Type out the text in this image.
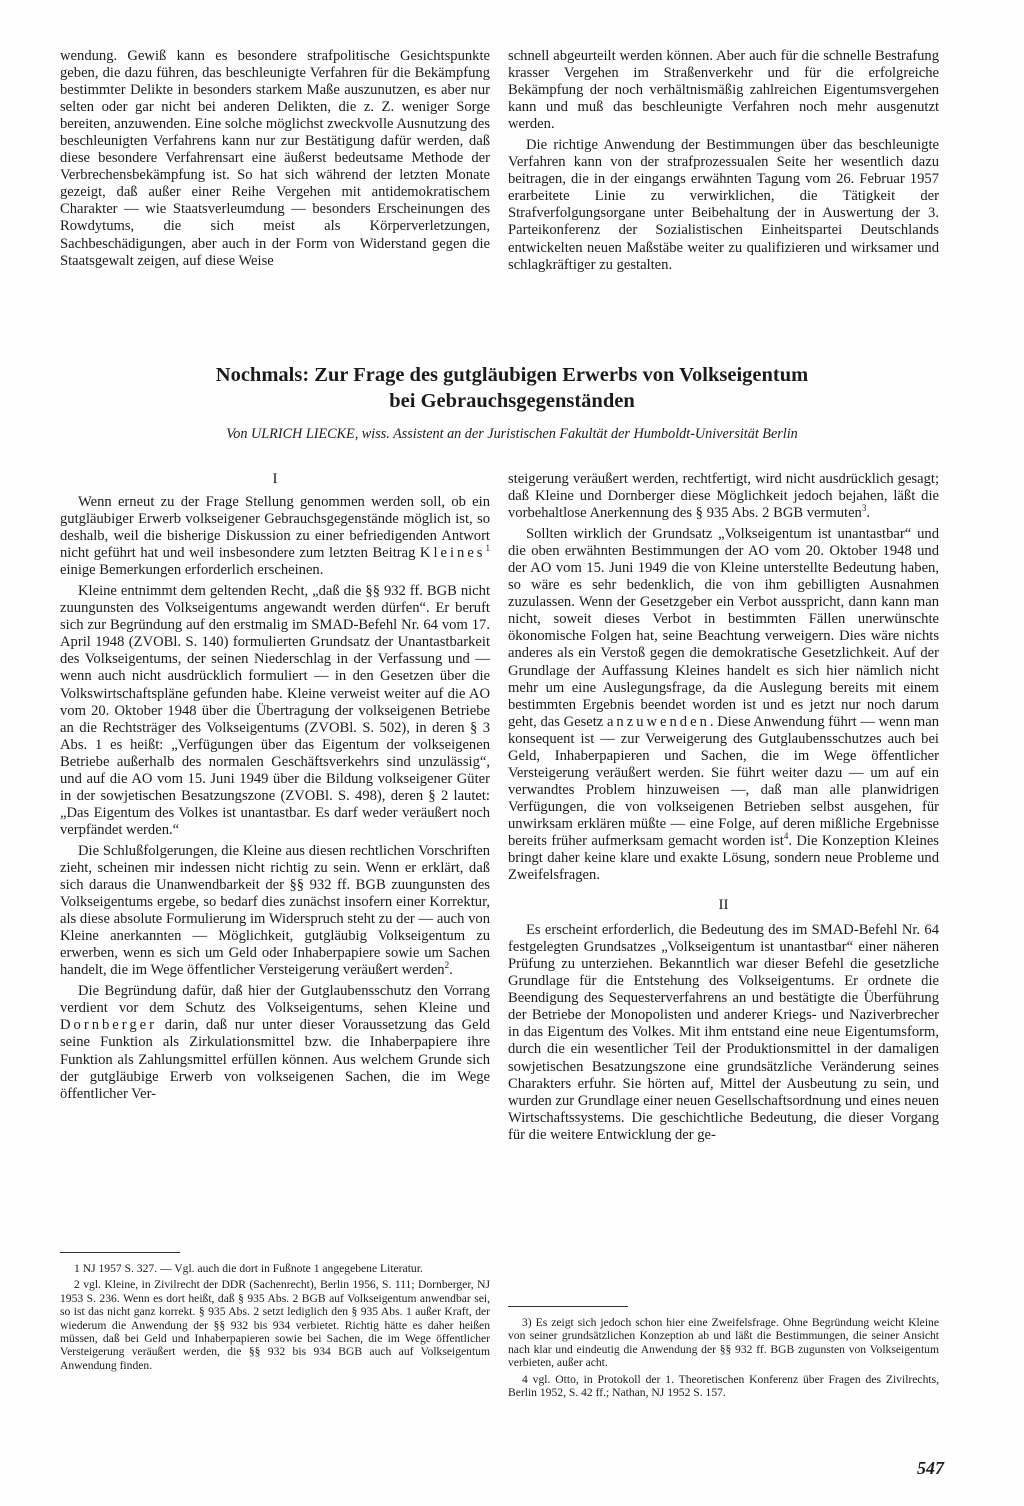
wendung. Gewiß kann es besondere strafpolitische Gesichtspunkte geben, die dazu führen, das beschleunigte Verfahren für die Bekämpfung bestimmter Delikte in besonders starkem Maße auszunutzen, es aber nur selten oder gar nicht bei anderen Delikten, die z. Z. weniger Sorge bereiten, anzuwenden. Eine solche möglichst zweckvolle Ausnutzung des beschleunigten Verfahrens kann nur zur Bestätigung dafür werden, daß diese besondere Verfahrensart eine äußerst bedeutsame Methode der Verbrechensbekämpfung ist. So hat sich während der letzten Monate gezeigt, daß außer einer Reihe Vergehen mit antidemokratischem Charakter — wie Staatsverleumdung — besonders Erscheinungen des Rowdytums, die sich meist als Körperverletzungen, Sachbeschädigungen, aber auch in der Form von Widerstand gegen die Staatsgewalt zeigen, auf diese Weise

schnell abgeurteilt werden können. Aber auch für die schnelle Bestrafung krasser Vergehen im Straßenverkehr und für die erfolgreiche Bekämpfung der noch verhältnismäßig zahlreichen Eigentumsvergehen kann und muß das beschleunigte Verfahren noch mehr ausgenutzt werden.

Die richtige Anwendung der Bestimmungen über das beschleunigte Verfahren kann von der strafprozessualen Seite her wesentlich dazu beitragen, die in der eingangs erwähnten Tagung vom 26. Februar 1957 erarbeitete Linie zu verwirklichen, die Tätigkeit der Strafverfolgungsorgane unter Beibehaltung der in Auswertung der 3. Parteikonferenz der Sozialistischen Einheitspartei Deutschlands entwickelten neuen Maßstäbe weiter zu qualifizieren und wirksamer und schlagkräftiger zu gestalten.

Nochmals: Zur Frage des gutgläubigen Erwerbs von Volkseigentum
bei Gebrauchsgegenständen
Von ULRICH LIECKE, wiss. Assistent an der Juristischen Fakultät der Humboldt-Universität Berlin

I

Wenn erneut zu der Frage Stellung genommen werden soll, ob ein gutgläubiger Erwerb volkseigener Gebrauchsgegenstände möglich ist, so deshalb, weil die bisherige Diskussion zu einer befriedigenden Antwort nicht geführt hat und weil insbesondere zum letzten Beitrag Kleines$^1$ einige Bemerkungen erforderlich erscheinen.

Kleine entnimmt dem geltenden Recht, „daß die §§ 932 ff. BGB nicht zuungunsten des Volkseigentums angewandt werden dürfen“. Er beruft sich zur Begründung auf den erstmalig im SMAD-Befehl Nr. 64 vom 17. April 1948 (ZVOBl. S. 140) formulierten Grundsatz der Unantastbarkeit des Volkseigentums, der seinen Niederschlag in der Verfassung und — wenn auch nicht ausdrücklich formuliert — in den Gesetzen über die Volkswirtschaftspläne gefunden habe. Kleine verweist weiter auf die AO vom 20. Oktober 1948 über die Übertragung der volkseigenen Betriebe an die Rechtsträger des Volkseigentums (ZVOBl. S. 502), in deren § 3 Abs. 1 es heißt: „Verfügungen über das Eigentum der volkseigenen Betriebe außerhalb des normalen Geschäftsverkehrs sind unzulässig“, und auf die AO vom 15. Juni 1949 über die Bildung volkseigener Güter in der sowjetischen Besatzungszone (ZVOBl. S. 498), deren § 2 lautet: „Das Eigentum des Volkes ist unantastbar. Es darf weder veräußert noch verpfändet werden.“

Die Schlußfolgerungen, die Kleine aus diesen rechtlichen Vorschriften zieht, scheinen mir indessen nicht richtig zu sein. Wenn er erklärt, daß sich daraus die Unanwendbarkeit der §§ 932 ff. BGB zuungunsten des Volkseigentums ergebe, so bedarf dies zunächst insofern einer Korrektur, als diese absolute Formulierung im Widerspruch steht zu der — auch von Kleine anerkannten — Möglichkeit, gutgläubig Volkseigentum zu erwerben, wenn es sich um Geld oder Inhaberpapiere sowie um Sachen handelt, die im Wege öffentlicher Versteigerung veräußert werden$^2$.

Die Begründung dafür, daß hier der Gutglaubensschutz den Vorrang verdient vor dem Schutz des Volkseigentums, sehen Kleine und Dornberger darin, daß nur unter dieser Voraussetzung das Geld seine Funktion als Zirkulationsmittel bzw. die Inhaberpapiere ihre Funktion als Zahlungsmittel erfüllen können. Aus welchem Grunde sich der gutgläubige Erwerb von volkseigenen Sachen, die im Wege öffentlicher Ver-

1 NJ 1957 S. 327. — Vgl. auch die dort in Fußnote 1 angegebene Literatur.

2 vgl. Kleine, in Zivilrecht der DDR (Sachenrecht), Berlin 1956, S. 111; Dornberger, NJ 1953 S. 236. Wenn es dort heißt, daß § 935 Abs. 2 BGB auf Volkseigentum anwendbar sei, so ist das nicht ganz korrekt. § 935 Abs. 2 setzt lediglich den § 935 Abs. 1 außer Kraft, der wiederum die Anwendung der §§ 932 bis 934 verbietet. Richtig hätte es daher heißen müssen, daß bei Geld und Inhaberpapieren sowie bei Sachen, die im Wege öffentlicher Versteigerung veräußert werden, die §§ 932 bis 934 BGB auch auf Volkseigentum Anwendung finden.

steigerung veräußert werden, rechtfertigt, wird nicht ausdrücklich gesagt; daß Kleine und Dornberger diese Möglichkeit jedoch bejahen, läßt die vorbehaltlose Anerkennung des § 935 Abs. 2 BGB vermuten$^3$.

Sollten wirklich der Grundsatz „Volkseigentum ist unantastbar“ und die oben erwähnten Bestimmungen der AO vom 20. Oktober 1948 und der AO vom 15. Juni 1949 die von Kleine unterstellte Bedeutung haben, so wäre es sehr bedenklich, die von ihm gebilligten Ausnahmen zuzulassen. Wenn der Gesetzgeber ein Verbot ausspricht, dann kann man nicht, soweit dieses Verbot in bestimmten Fällen unerwünschte ökonomische Folgen hat, seine Beachtung verweigern. Dies wäre nichts anderes als ein Verstoß gegen die demokratische Gesetzlichkeit. Auf der Grundlage der Auffassung Kleines handelt es sich hier nämlich nicht mehr um eine Auslegungsfrage, da die Auslegung bereits mit einem bestimmten Ergebnis beendet worden ist und es jetzt nur noch darum geht, das Gesetz anzuwenden. Diese Anwendung führt — wenn man konsequent ist — zur Verweigerung des Gutglaubensschutzes auch bei Geld, Inhaberpapieren und Sachen, die im Wege öffentlicher Versteigerung veräußert werden. Sie führt weiter dazu — um auf ein verwandtes Problem hinzuweisen —, daß man alle planwidrigen Verfügungen, die von volkseigenen Betrieben selbst ausgehen, für unwirksam erklären müßte — eine Folge, auf deren mißliche Ergebnisse bereits früher aufmerksam gemacht worden ist$^4$. Die Konzeption Kleines bringt daher keine klare und exakte Lösung, sondern neue Probleme und Zweifelsfragen.

II

Es erscheint erforderlich, die Bedeutung des im SMAD-Befehl Nr. 64 festgelegten Grundsatzes „Volkseigentum ist unantastbar“ einer näheren Prüfung zu unterziehen. Bekanntlich war dieser Befehl die gesetzliche Grundlage für die Entstehung des Volkseigentums. Er ordnete die Beendigung des Sequesterverfahrens an und bestätigte die Überführung der Betriebe der Monopolisten und anderer Kriegs- und Naziverbrecher in das Eigentum des Volkes. Mit ihm entstand eine neue Eigentumsform, durch die ein wesentlicher Teil der Produktionsmittel in der damaligen sowjetischen Besatzungszone eine grundsätzliche Veränderung seines Charakters erfuhr. Sie hörten auf, Mittel der Ausbeutung zu sein, und wurden zur Grundlage einer neuen Gesellschaftsordnung und eines neuen Wirtschaftssystems. Die geschichtliche Bedeutung, die dieser Vorgang für die weitere Entwicklung der ge-

3) Es zeigt sich jedoch schon hier eine Zweifelsfrage. Ohne Begründung weicht Kleine von seiner grundsätzlichen Konzeption ab und läßt die Bestimmungen, die seiner Ansicht nach klar und eindeutig die Anwendung der §§ 932 ff. BGB zugunsten von Volkseigentum verbieten, außer acht.

4 vgl. Otto, in Protokoll der 1. Theoretischen Konferenz über Fragen des Zivilrechts, Berlin 1952, S. 42 ff.; Nathan, NJ 1952 S. 157.

547
